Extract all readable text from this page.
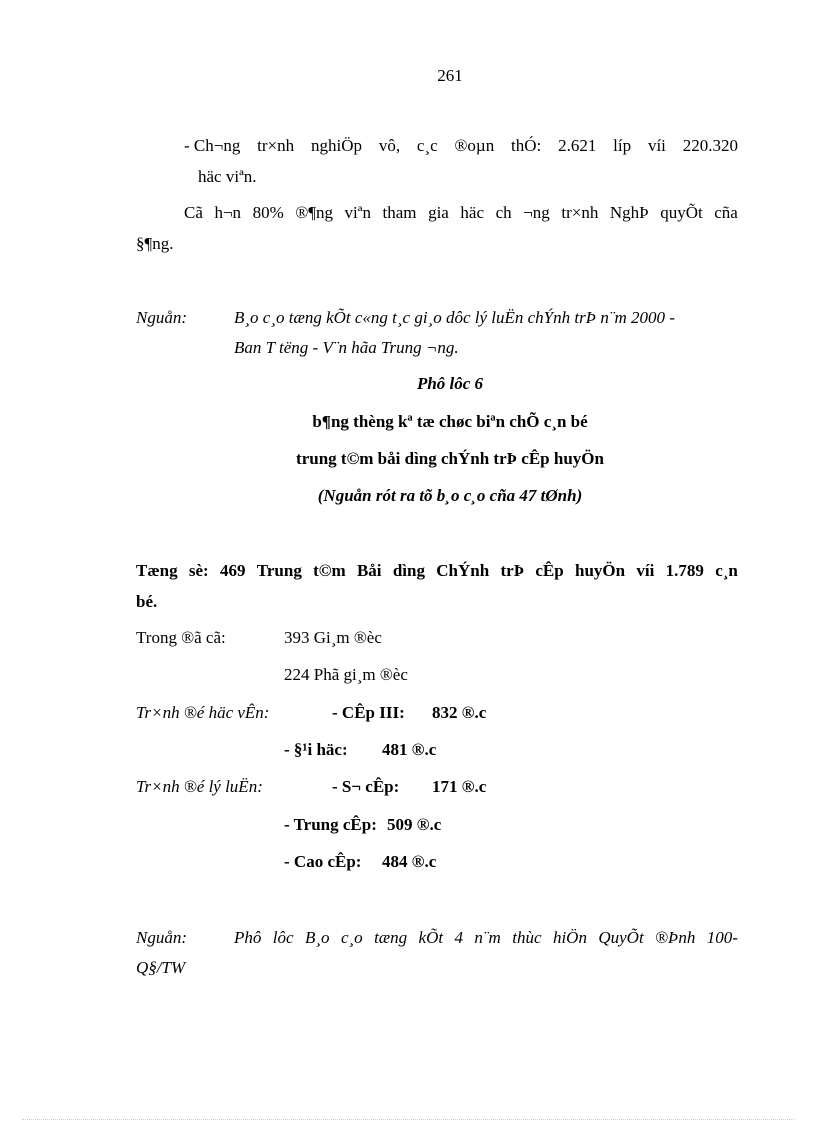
261
- Ch¬ng tr×nh nghiÖp vô, c¸c ®oµn thÓ: 2.621 líp víi 220.320
häc viªn.
Cã h¬n 80% ®¶ng viªn tham gia häc ch ¬ng tr×nh NghÞ quyÕt cña
§¶ng.
Nguån:	B¸o c¸o tæng kÕt c«ng t¸c gi¸o dôc lý luËn chÝnh trÞ n¨m 2000 -
Ban T tëng - V¨n hãa Trung ¬ng.
Phô lôc 6
b¶ng thèng kª tæ chøc biªn chÕ c¸n bé
trung t©m båi dìng chÝnh trÞ cÊp huyÖn
(Nguån rót ra tõ b¸o c¸o cña 47 tØnh)
Tæng sè: 469 Trung t©m Båi dìng ChÝnh trÞ cÊp huyÖn víi 1.789 c¸n
bé.
Trong ®ã cã:	393 Gi¸m ®èc
224 Phã gi¸m ®èc
Tr×nh ®é häc vÊn:	- CÊp III: 832 ®.c
- §¹i häc: 481 ®.c
Tr×nh ®é lý luËn:	- S¬ cÊp: 171 ®.c
- Trung cÊp: 509 ®.c
- Cao cÊp: 484 ®.c
Nguån:	Phô lôc B¸o c¸o tæng kÕt 4 n¨m thùc hiÖn QuyÕt ®Þnh 100-
Q§/TW
